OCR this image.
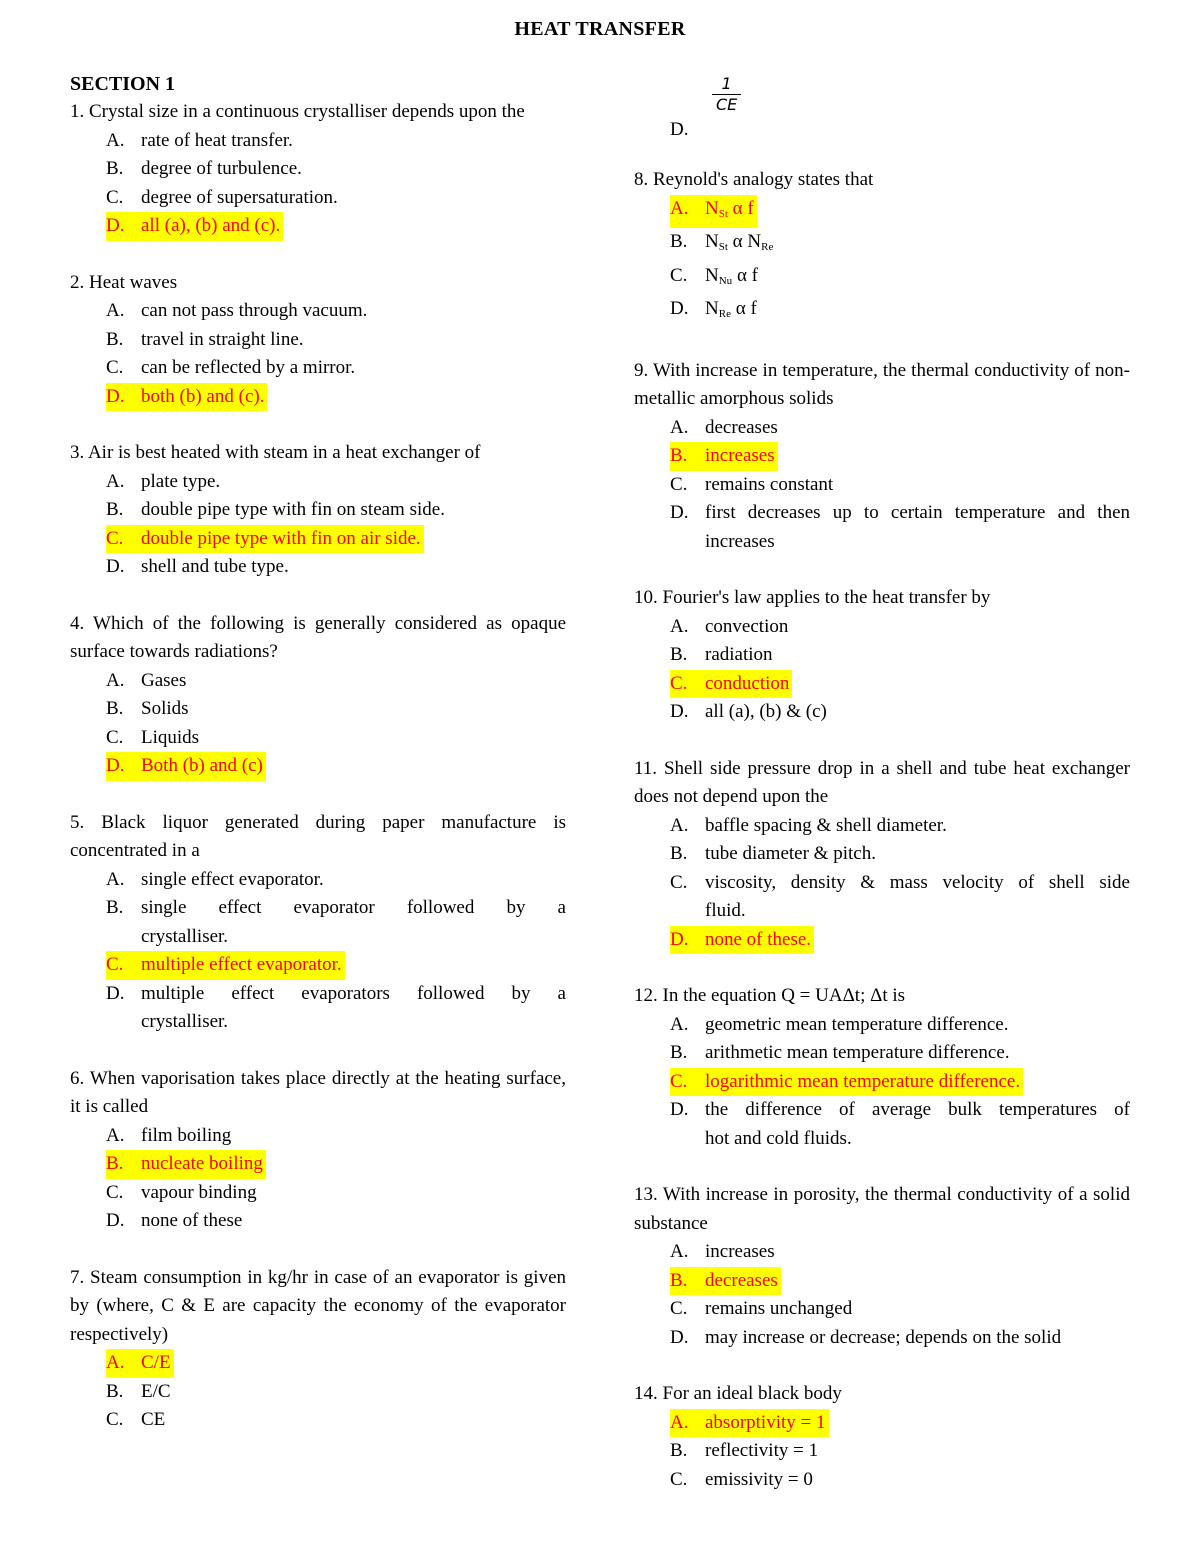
HEAT TRANSFER
SECTION 1
1. Crystal size in a continuous crystalliser depends upon the
A. rate of heat transfer.
B. degree of turbulence.
C. degree of supersaturation.
D. all (a), (b) and (c).
2. Heat waves
A. can not pass through vacuum.
B. travel in straight line.
C. can be reflected by a mirror.
D. both (b) and (c).
3. Air is best heated with steam in a heat exchanger of
A. plate type.
B. double pipe type with fin on steam side.
C. double pipe type with fin on air side.
D. shell and tube type.
4. Which of the following is generally considered as opaque surface towards radiations?
A. Gases
B. Solids
C. Liquids
D. Both (b) and (c)
5. Black liquor generated during paper manufacture is concentrated in a
A. single effect evaporator.
B. single effect evaporator followed by a
crystalliser.
C. multiple effect evaporator.
D. multiple effect evaporators followed by a
crystalliser.
6. When vaporisation takes place directly at the heating surface, it is called
A. film boiling
B. nucleate boiling
C. vapour binding
D. none of these
7. Steam consumption in kg/hr in case of an evaporator is given by (where, C & E are capacity the economy of the evaporator respectively)
A. C/E
B. E/C
C. CE
$\frac{1}{CE}$
D.
8. Reynold's analogy states that
A. $N_{St}$ α f
B. $N_{St}$ α $N_{Re}$
C. $N_{Nu}$ α f
D. $N_{Re}$ α f
9. With increase in temperature, the thermal conductivity of non-metallic amorphous solids
A. decreases
B. increases
C. remains constant
D. first decreases up to certain temperature and then
increases
10. Fourier's law applies to the heat transfer by
A. convection
B. radiation
C. conduction
D. all (a), (b) & (c)
11. Shell side pressure drop in a shell and tube heat exchanger does not depend upon the
A. baffle spacing & shell diameter.
B. tube diameter & pitch.
C. viscosity, density & mass velocity of shell side
fluid.
D. none of these.
12. In the equation Q = UAΔt; Δt is
A. geometric mean temperature difference.
B. arithmetic mean temperature difference.
C. logarithmic mean temperature difference.
D. the difference of average bulk temperatures of
hot and cold fluids.
13. With increase in porosity, the thermal conductivity of a solid substance
A. increases
B. decreases
C. remains unchanged
D. may increase or decrease; depends on the solid
14. For an ideal black body
A. absorptivity = 1
B. reflectivity = 1
C. emissivity = 0
